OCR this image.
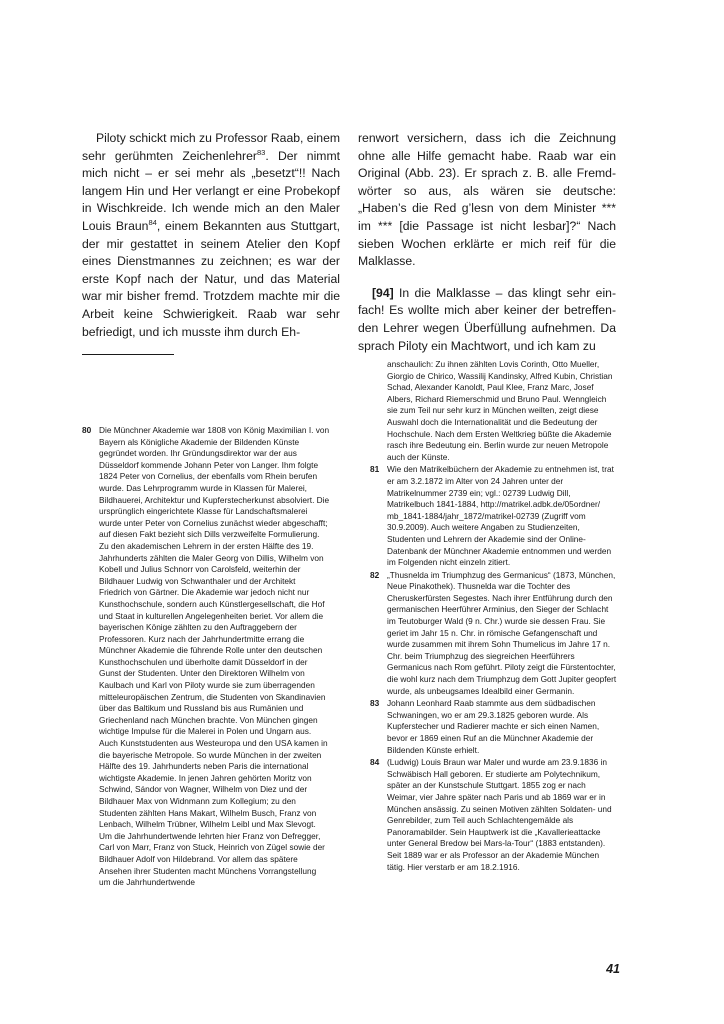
Piloty schickt mich zu Professor Raab, einem sehr gerühmten Zeichenlehrer$^{83}$. Der nimmt mich nicht – er sei mehr als „besetzt“!! Nach langem Hin und Her verlangt er eine Probekopf in Wischkreide. Ich wende mich an den Maler Louis Braun$^{84}$, einem Bekannten aus Stuttgart, der mir gestattet in seinem Atelier den Kopf eines Dienstmannes zu zeichnen; es war der erste Kopf nach der Natur, und das Material war mir bisher fremd. Trotzdem machte mir die Arbeit keine Schwierigkeit. Raab war sehr befriedigt, und ich musste ihm durch Eh-

renwort versichern, dass ich die Zeichnung ohne alle Hilfe gemacht habe. Raab war ein Original (Abb. 23). Er sprach z. B. alle Fremdwörter so aus, als wären sie deutsche: „Haben’s die Red g’lesn von dem Minister *** im *** [die Passage ist nicht lesbar]?“ Nach sieben Wochen erklärte er mich reif für die Malklasse.

[94] In die Malklasse – das klingt sehr einfach! Es wollte mich aber keiner der betreffenden Lehrer wegen Überfüllung aufnehmen. Da sprach Piloty ein Machtwort, und ich kam zu

80 Die Münchner Akademie war 1808 von König Maximilian I. von Bayern als Königliche Akademie der Bildenden Künste gegründet worden. Ihr Gründungsdirektor war der aus Düsseldorf kommende Johann Peter von Langer. Ihm folgte 1824 Peter von Cornelius, der ebenfalls vom Rhein berufen wurde. Das Lehrprogramm wurde in Klassen für Malerei, Bildhauerei, Architektur und Kupferstecherkunst absolviert. Die ursprünglich eingerichtete Klasse für Landschaftsmalerei wurde unter Peter von Cornelius zunächst wieder abgeschafft; auf diesen Fakt bezieht sich Dills verzweifelte Formulierung.
Zu den akademischen Lehrern in der ersten Hälfte des 19. Jahrhunderts zählten die Maler Georg von Dillis, Wilhelm von Kobell und Julius Schnorr von Carolsfeld, weiterhin der Bildhauer Ludwig von Schwanthaler und der Architekt Friedrich von Gärtner. Die Akademie war jedoch nicht nur Kunsthochschule, sondern auch Künstlergesellschaft, die Hof und Staat in kulturellen Angelegenheiten beriet. Vor allem die bayerischen Könige zählten zu den Auftraggebern der Professoren. Kurz nach der Jahrhundertmitte errang die Münchner Akademie die führende Rolle unter den deutschen Kunsthochschulen und überholte damit Düsseldorf in der Gunst der Studenten. Unter den Direktoren Wilhelm von Kaulbach und Karl von Piloty wurde sie zum überragenden mitteleuropäischen Zentrum, die Studenten von Skandinavien über das Baltikum und Russland bis aus Rumänien und Griechenland nach München brachte. Von München gingen wichtige Impulse für die Malerei in Polen und Ungarn aus. Auch Kunststudenten aus Westeuropa und den USA kamen in die bayerische Metropole. So wurde München in der zweiten Hälfte des 19. Jahrhunderts neben Paris die international wichtigste Akademie. In jenen Jahren gehörten Moritz von Schwind, Sándor von Wagner, Wilhelm von Diez und der Bildhauer Max von Widnmann zum Kollegium; zu den Studenten zählten Hans Makart, Wilhelm Busch, Franz von Lenbach, Wilhelm Trübner, Wilhelm Leibl und Max Slevogt. Um die Jahrhundertwende lehrten hier Franz von Defregger, Carl von Marr, Franz von Stuck, Heinrich von Zügel sowie der Bildhauer Adolf von Hildebrand. Vor allem das spätere Ansehen ihrer Studenten macht Münchens Vorrangstellung um die Jahrhundertwende
anschaulich: Zu ihnen zählten Lovis Corinth, Otto Mueller, Giorgio de Chirico, Wassilij Kandinsky, Alfred Kubin, Christian Schad, Alexander Kanoldt, Paul Klee, Franz Marc, Josef Albers, Richard Riemerschmid und Bruno Paul. Wenngleich sie zum Teil nur sehr kurz in München weilten, zeigt diese Auswahl doch die Internationalität und die Bedeutung der Hochschule. Nach dem Ersten Weltkrieg büßte die Akademie rasch ihre Bedeutung ein. Berlin wurde zur neuen Metropole auch der Künste.
81 Wie den Matrikelbüchern der Akademie zu entnehmen ist, trat er am 3.2.1872 im Alter von 24 Jahren unter der Matrikelnummer 2739 ein; vgl.: 02739 Ludwig Dill, Matrikelbuch 1841-1884, http://matrikel.adbk.de/05ordner/ mb_1841-1884/jahr_1872/matrikel-02739 (Zugriff vom 30.9.2009). Auch weitere Angaben zu Studienzeiten, Studenten und Lehrern der Akademie sind der Online-Datenbank der Münchner Akademie entnommen und werden im Folgenden nicht einzeln zitiert.
82 „Thusnelda im Triumphzug des Germanicus“ (1873, München, Neue Pinakothek). Thusnelda war die Tochter des Cheruskerfürsten Segestes. Nach ihrer Entführung durch den germanischen Heerführer Arminius, den Sieger der Schlacht im Teutoburger Wald (9 n. Chr.) wurde sie dessen Frau. Sie geriet im Jahr 15 n. Chr. in römische Gefangenschaft und wurde zusammen mit ihrem Sohn Thumelicus im Jahre 17 n. Chr. beim Triumphzug des siegreichen Heerführers Germanicus nach Rom geführt. Piloty zeigt die Fürstentochter, die wohl kurz nach dem Triumphzug dem Gott Jupiter geopfert wurde, als unbeugsames Idealbild einer Germanin.
83 Johann Leonhard Raab stammte aus dem südbadischen Schwaningen, wo er am 29.3.1825 geboren wurde. Als Kupferstecher und Radierer machte er sich einen Namen, bevor er 1869 einen Ruf an die Münchner Akademie der Bildenden Künste erhielt.
84 (Ludwig) Louis Braun war Maler und wurde am 23.9.1836 in Schwäbisch Hall geboren. Er studierte am Polytechnikum, später an der Kunstschule Stuttgart. 1855 zog er nach Weimar, vier Jahre später nach Paris und ab 1869 war er in München ansässig. Zu seinen Motiven zählten Soldaten- und Genrebilder, zum Teil auch Schlachtengemälde als Panoramabilder. Sein Hauptwerk ist die „Kavallerieattacke unter General Bredow bei Mars-la-Tour“ (1883 entstanden). Seit 1889 war er als Professor an der Akademie München tätig. Hier verstarb er am 18.2.1916.
41
